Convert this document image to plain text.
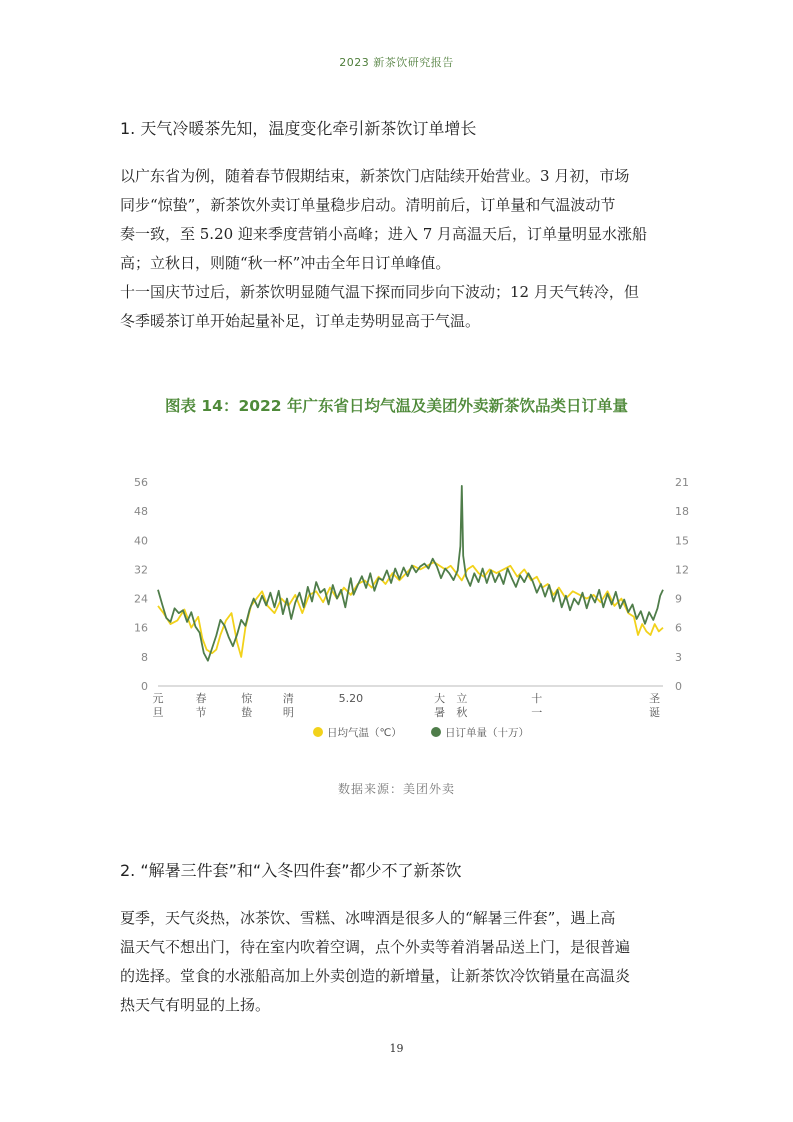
2023 新茶饮研究报告
1. 天气冷暖茶先知，温度变化牵引新茶饮订单增长

以广东省为例，随着春节假期结束，新茶饮门店陆续开始营业。3 月初，市场

同步“惊蛰”，新茶饮外卖订单量稳步启动。清明前后，订单量和气温波动节

奏一致，至 5.20 迎来季度营销小高峰；进入 7 月高温天后，订单量明显水涨船

高；立秋日，则随“秋一杯”冲击全年日订单峰值。

十一国庆节过后，新茶饮明显随气温下探而同步向下波动；12 月天气转冷，但

冬季暖茶订单开始起量补足，订单走势明显高于气温。

图表 14：2022 年广东省日均气温及美团外卖新茶饮品类日订单量
0
8
16
24
32
40
48
56
0
3
6
9
12
15
18
21
元
旦
春
节
惊
蛰
清
明
5.20	大
暑
立
秋
十
一
圣
诞
日均气温（℃）	日订单量（十万）
数据来源：美团外卖
2. “解暑三件套”和“入冬四件套”都少不了新茶饮

夏季，天气炎热，冰茶饮、雪糕、冰啤酒是很多人的“解暑三件套”，遇上高

温天气不想出门，待在室内吹着空调，点个外卖等着消暑品送上门，是很普遍

的选择。堂食的水涨船高加上外卖创造的新增量，让新茶饮冷饮销量在高温炎

热天气有明显的上扬。

19
